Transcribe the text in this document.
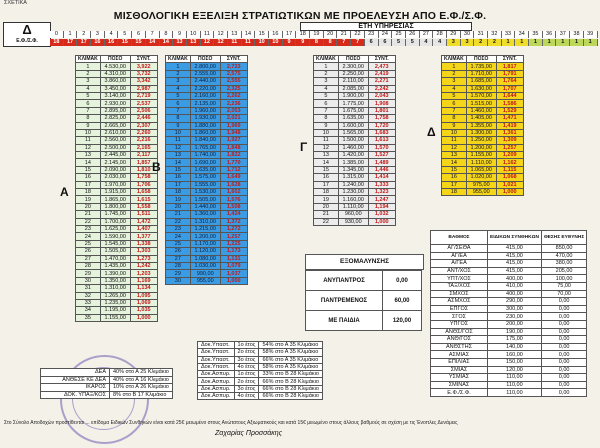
ΣΧΕΤΙΚΑ
ΜΙΣΘΟΛΟΓΙΚΗ ΕΞΕΛΙΞΗ ΣΤΡΑΤΙΩΤΙΚΩΝ ΜΕ ΠΡΟΕΛΕΥΣΗ ΑΠΟ Ε.Φ./Σ.Φ.
Δ
Ε.Φ./Σ.Φ.
ΕΤΗ ΥΠΗΡΕΣΙΑΣ
0	1	2	3	4	5	6	7	8	9	10	11	12	13	14	15	16	17	18	19	20	21	22	23	24	25	26	27	28	29	30	31	32	33	34	35	36	37	38	39
18	17	17	16	16	15	15	14	14	13	13	12	12	11	11	10	10	9	9	8	8	7	7	6	6	5	5	4	4	3	3	2	2	1	1	1	1	1	1	1
ΚΛΙΜΑΚ	ΠΟΣΟ	ΣΥΝΤ.
1	4.530,00	3,922
2	4.310,00	3,732
3	3.860,00	3,342
4	3.450,00	2,987
5	3.140,00	2,719
6	2.930,00	2,537
7	2.895,00	2,506
8	2.825,00	2,446
9	2.665,00	2,307
10	2.610,00	2,260
11	2.560,00	2,216
12	2.500,00	2,165
13	2.445,00	2,117
14	2.145,00	1,857
15	2.090,00	1,810
16	2.030,00	1,758
17	1.970,00	1,706
18	1.915,00	1,658
19	1.865,00	1,615
20	1.800,00	1,558
21	1.745,00	1,511
22	1.700,00	1,472
23	1.625,00	1,407
24	1.590,00	1,377
25	1.545,00	1,338
26	1.505,00	1,303
27	1.470,00	1,273
28	1.435,00	1,242
29	1.390,00	1,203
30	1.350,00	1,169
31	1.310,00	1,134
32	1.265,00	1,095
33	1.235,00	1,069
34	1.195,00	1,035
35	1.155,00	1,000
Α
ΚΛΙΜΑΚ	ΠΟΣΟ	ΣΥΝΤ.
1	2.800,00	2,723
2	2.555,00	2,575
3	2.440,00	2,555
4	2.220,00	2,325
5	2.160,00	2,262
6	2.135,00	2,236
7	1.960,00	2,053
8	1.930,00	2,021
9	1.880,00	1,969
10	1.860,00	1,948
11	1.840,00	1,927
12	1.765,00	1,848
13	1.740,00	1,822
14	1.690,00	1,770
15	1.635,00	1,712
16	1.575,00	1,649
17	1.555,00	1,628
18	1.530,00	1,602
19	1.505,00	1,576
20	1.440,00	1,508
21	1.360,00	1,424
22	1.310,00	1,372
23	1.215,00	1,272
24	1.200,00	1,257
25	1.170,00	1,225
26	1.120,00	1,173
27	1.080,00	1,131
28	1.030,00	1,079
29	990,00	1,037
30	955,00	1,000
Β
ΚΛΙΜΑΚ	ΠΟΣΟ	ΣΥΝΤ.
1	2.300,00	2,473
2	2.250,00	2,419
3	2.110,00	2,271
4	2.085,00	2,242
5	1.900,00	2,043
6	1.775,00	1,908
7	1.675,00	1,801
8	1.635,00	1,758
9	1.600,00	1,720
10	1.565,00	1,683
11	1.500,00	1,613
12	1.460,00	1,570
13	1.420,00	1,527
14	1.385,00	1,489
15	1.345,00	1,446
16	1.315,00	1,414
17	1.240,00	1,333
18	1.230,00	1,323
19	1.160,00	1,247
20	1.110,00	1,194
21	960,00	1,032
22	930,00	1,000
Γ
ΚΛΙΜΑΚ	ΠΟΣΟ	ΣΥΝΤ.
1	1.735,00	1,817
2	1.710,00	1,791
3	1.685,00	1,764
4	1.630,00	1,707
5	1.570,00	1,644
6	1.515,00	1,586
7	1.460,00	1,529
8	1.405,00	1,471
9	1.355,00	1,419
10	1.300,00	1,361
11	1.250,00	1,309
12	1.200,00	1,257
13	1.155,00	1,209
14	1.110,00	1,162
15	1.065,00	1,115
16	1.020,00	1,068
17	975,00	1,021
18	955,00	1,000
Δ
ΕΞΟΜΑΛΥΝΣΗΣ
ΑΝΥΠΑΝΤΡΟΣ	0,00
ΠΑΝΤΡΕΜΕΝΟΣ	60,00
ΜΕ ΠΑΙΔΙΑ	120,00
ΒΑΘΜΟΣ	ΕΙΔΙΚΩΝ ΣΥΝΘΗΚΩΝ	ΘΕΣΗΣ ΕΥΘΥΝΗΣ
ΑΓ/ΣΕΘΑ	415,00	850,00
ΑΓ/ΕΑ	415,00	470,00
Α/ΓΕΑ	415,00	380,00
ΑΝΤ/ΧΟΣ	415,00	205,00
ΥΠΤ/ΧΟΣ	400,00	100,00
ΤΑΞ/ΧΟΣ	410,00	75,00
ΣΜΧΟΣ	400,00	70,00
ΑΣΜΧΟΣ	290,00	0,00
ΕΠΓΟΣ	300,00	0,00
ΣΓΟΣ	230,00	0,00
ΥΠΓΟΣ	200,00	0,00
ΑΝΘΣ/ΓΟΣ	190,00	0,00
ΑΝΘ/ΓΟΣ	175,00	0,00
ΑΝΘΣΤΗΣ	140,00	0,00
ΑΣΜΙΑΣ	160,00	0,00
ΕΠΙΛΙΑΣ	150,00	0,00
ΣΜΙΑΣ	120,00	0,00
ΥΣΜΙΑΣ	110,00	0,00
ΣΜΙΝΑΣ	110,00	0,00
Ε.Φ./Σ.Φ.	110,00	0,00
Δοκ.Υπαστ.	1ο έτος	54% στο Α 35 Κλιμάκιο
Δοκ.Υπαστ.	2ο έτος	58% στο Α 35 Κλιμάκιο
Δοκ.Υπαστ.	3ο έτος	66% στο Α 35 Κλιμάκιο
Δοκ.Υπαστ.	4ο έτος	58% στο Α 35 Κλιμάκιο
Δοκ.Ασπυρ.	1ο έτος	33% στο Β 28 Κλιμάκιο
Δοκ.Ασπυρ.	2ο έτος	66% στο Β 28 Κλιμάκιο
Δοκ.Ασπυρ.	3ο έτος	66% στο Β 28 Κλιμάκιο
Δοκ.Ασπυρ.	4ο έτος	66% στο Β 28 Κλιμάκιο
ΔΕΑ	40% στο Α 25 Κλιμάκιο
ΑΝΘΕΣΕ ΚΕ ΔΕΑ	40% στο Α 16 Κλιμάκιο
ΙΚΑΡΟΣ	10% στο Α 26 Κλιμάκιο
ΔΟΚ. ΥΠΑΞ/ΚΟΣ	8% στο Β 17 Κλιμάκιο
Στο Σύνολο Αποδοχών προστίθενται ... επίδομα Ειδικών Συνθηκών είναι κατά 25€ μειωμένο στους Ανώτατους Αξιωματικούς και κατά 15€ μειωμένο στους άλλους βαθμούς σε σχέση με τις Ένοπλες Δυνάμεις
Ζαχαρίας Προσσάκης
